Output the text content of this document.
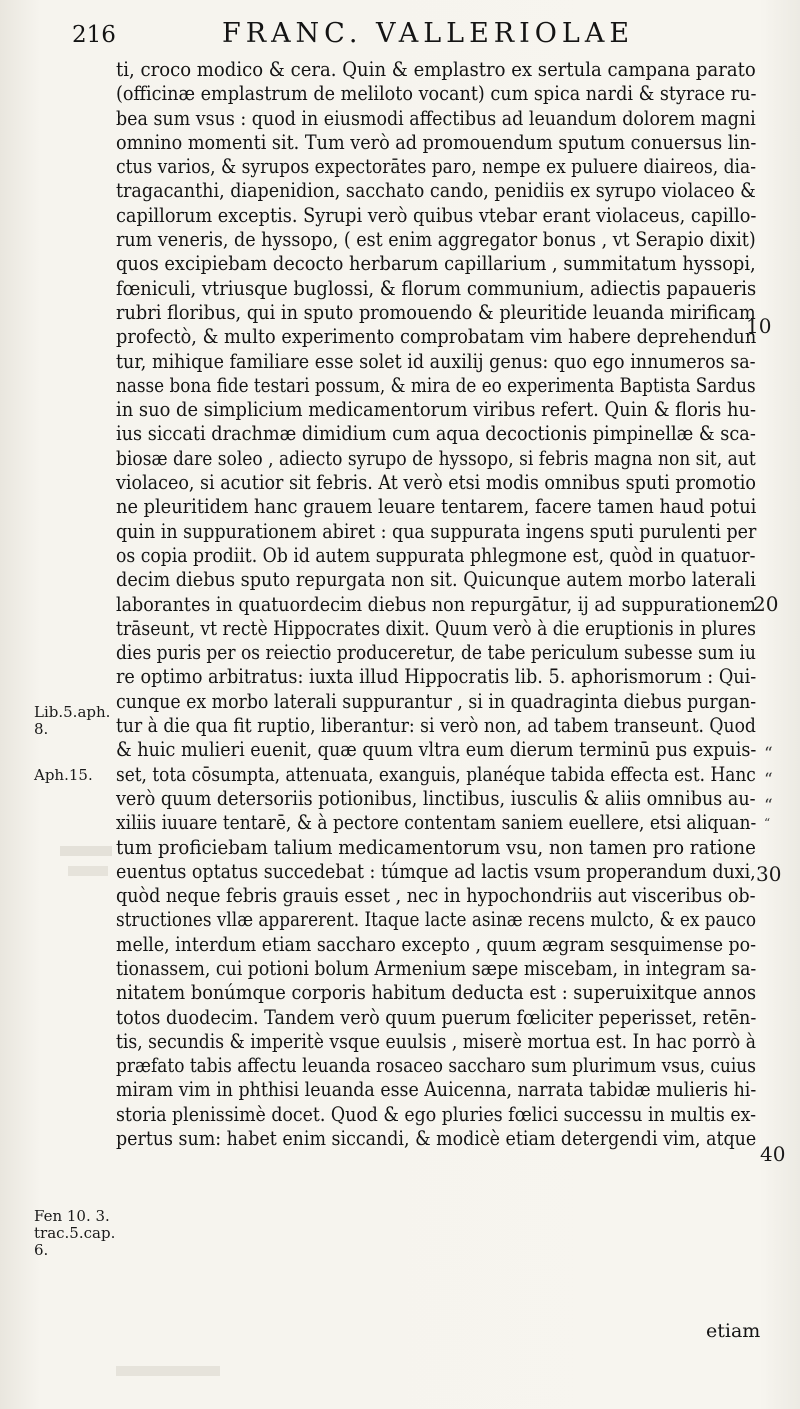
216	FRANC. VALLERIOLAE
ti, croco modico & cera. Quin & emplastro ex sertula campana parato
(officinæ emplastrum de meliloto vocant) cum spica nardi & styrace ru-
bea sum vsus : quod in eiusmodi affectibus ad leuandum dolorem magni
omnino momenti sit. Tum verò ad promouendum sputum conuersus lin-
ctus varios, & syrupos expectorātes paro, nempe ex puluere diaireos, dia-
tragacanthi, diapenidion, sacchato cando, penidiis ex syrupo violaceo &
capillorum exceptis. Syrupi verò quibus vtebar erant violaceus, capillo-
rum veneris, de hyssopo, ( est enim aggregator bonus , vt Serapio dixit)
quos excipiebam decocto herbarum capillarium , summitatum hyssopi,
fœniculi, vtriusque buglossi, & florum communium, adiectis papaueris
rubri floribus, qui in sputo promouendo & pleuritide leuanda mirificam
profectò, & multo experimento comprobatam vim habere deprehendun
tur, mihique familiare esse solet id auxilij genus: quo ego innumeros sa-
nasse bona fide testari possum, & mira de eo experimenta Baptista Sardus
in suo de simplicium medicamentorum viribus refert. Quin & floris hu-
ius siccati drachmæ dimidium cum aqua decoctionis pimpinellæ & sca-
biosæ dare soleo , adiecto syrupo de hyssopo, si febris magna non sit, aut
violaceo, si acutior sit febris. At verò etsi modis omnibus sputi promotio
ne pleuritidem hanc grauem leuare tentarem, facere tamen haud potui
quin in suppurationem abiret : qua suppurata ingens sputi purulenti per
os copia prodiit. Ob id autem suppurata phlegmone est, quòd in quatuor-
decim diebus sputo repurgata non sit. Quicunque autem morbo laterali
laborantes in quatuordecim diebus non repurgātur, ij ad suppurationem
trāseunt, vt rectè Hippocrates dixit. Quum verò à die eruptionis in plures
dies puris per os reiectio produceretur, de tabe periculum subesse sum iu
re optimo arbitratus: iuxta illud Hippocratis lib. 5. aphorismorum : Qui-
cunque ex morbo laterali suppurantur , si in quadraginta diebus purgan-
tur à die qua fit ruptio, liberantur: si verò non, ad tabem transeunt. Quod
& huic mulieri euenit, quæ quum vltra eum dierum terminū pus expuis-
set, tota cōsumpta, attenuata, exanguis, planéque tabida effecta est. Hanc
verò quum detersoriis potionibus, linctibus, iusculis & aliis omnibus au-
xiliis iuuare tentarē, & à pectore contentam saniem euellere, etsi aliquan-
tum proficiebam talium medicamentorum vsu, non tamen pro ratione
euentus optatus succedebat : túmque ad lactis vsum properandum duxi,
quòd neque febris grauis esset , nec in hypochondriis aut visceribus ob-
structiones vllæ apparerent. Itaque lacte asinæ recens mulcto, & ex pauco
melle, interdum etiam saccharo excepto , quum ægram sesquimense po-
tionassem, cui potioni bolum Armenium sæpe miscebam, in integram sa-
nitatem bonúmque corporis habitum deducta est : superuixitque annos
totos duodecim. Tandem verò quum puerum fœliciter peperisset, retēn-
tis, secundis & imperitè vsque euulsis , miserè mortua est. In hac porrò à
præfato tabis affectu leuanda rosaceo saccharo sum plurimum vsus, cuius
miram vim in phthisi leuanda esse Auicenna, narrata tabidæ mulieris hi-
storia plenissimè docet. Quod & ego pluries fœlici successu in multis ex-
pertus sum: habet enim siccandi, & modicè etiam detergendi vim, atque
Lib.5.aph.
8.
Aph.15.
Fen 10. 3.
trac.5.cap.
6.
10
20
30
40
“
“
“
“
etiam
